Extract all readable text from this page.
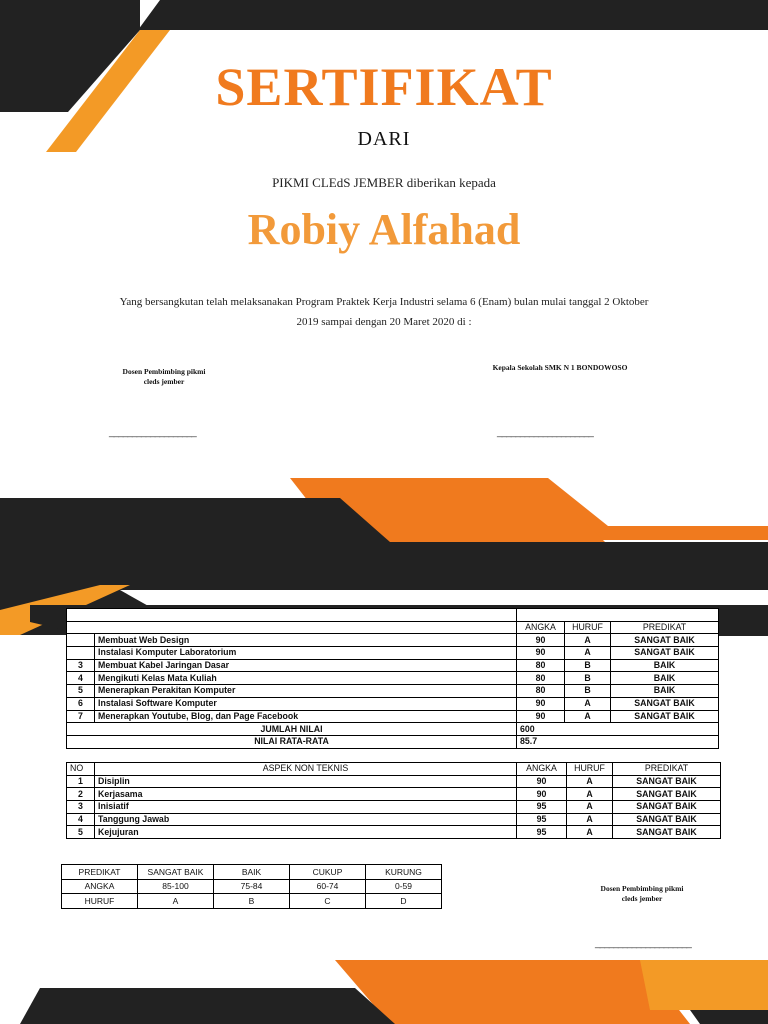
SERTIFIKAT
DARI
PIKMI CLEdS JEMBER diberikan kepada
Robiy Alfahad
Yang bersangkutan telah melaksanakan Program Praktek Kerja Industri selama 6 (Enam) bulan mulai tanggal 2 Oktober
2019 sampai dengan 20 Maret 2020 di :
Dosen Pembimbing pikmi
cleds jember
Kepala Sekolah SMK N 1 BONDOWOSO
___________________	_____________________

		ANGKA	HURUF	PREDIKAT
	Membuat Web Design	90	A	SANGAT BAIK
	Instalasi Komputer Laboratorium	90	A	SANGAT BAIK
3	Membuat Kabel Jaringan Dasar	80	B	BAIK
4	Mengikuti Kelas Mata Kuliah	80	B	BAIK
5	Menerapkan Perakitan Komputer	80	B	BAIK
6	Instalasi Software Komputer	90	A	SANGAT BAIK
7	Menerapkan Youtube, Blog, dan Page Facebook	90	A	SANGAT BAIK
JUMLAH NILAI		600		
NILAI RATA-RATA		85.7		
NO	ASPEK NON TEKNIS	ANGKA	HURUF	PREDIKAT
1	Disiplin	90	A	SANGAT BAIK
2	Kerjasama	90	A	SANGAT BAIK
3	Inisiatif	95	A	SANGAT BAIK
4	Tanggung Jawab	95	A	SANGAT BAIK
5	Kejujuran	95	A	SANGAT BAIK
PREDIKAT	SANGAT BAIK	BAIK	CUKUP	KURUNG
ANGKA	85-100	75-84	60-74	0-59
HURUF	A	B	C	D
Dosen Pembimbing pikmi
cleds jember
_____________________
